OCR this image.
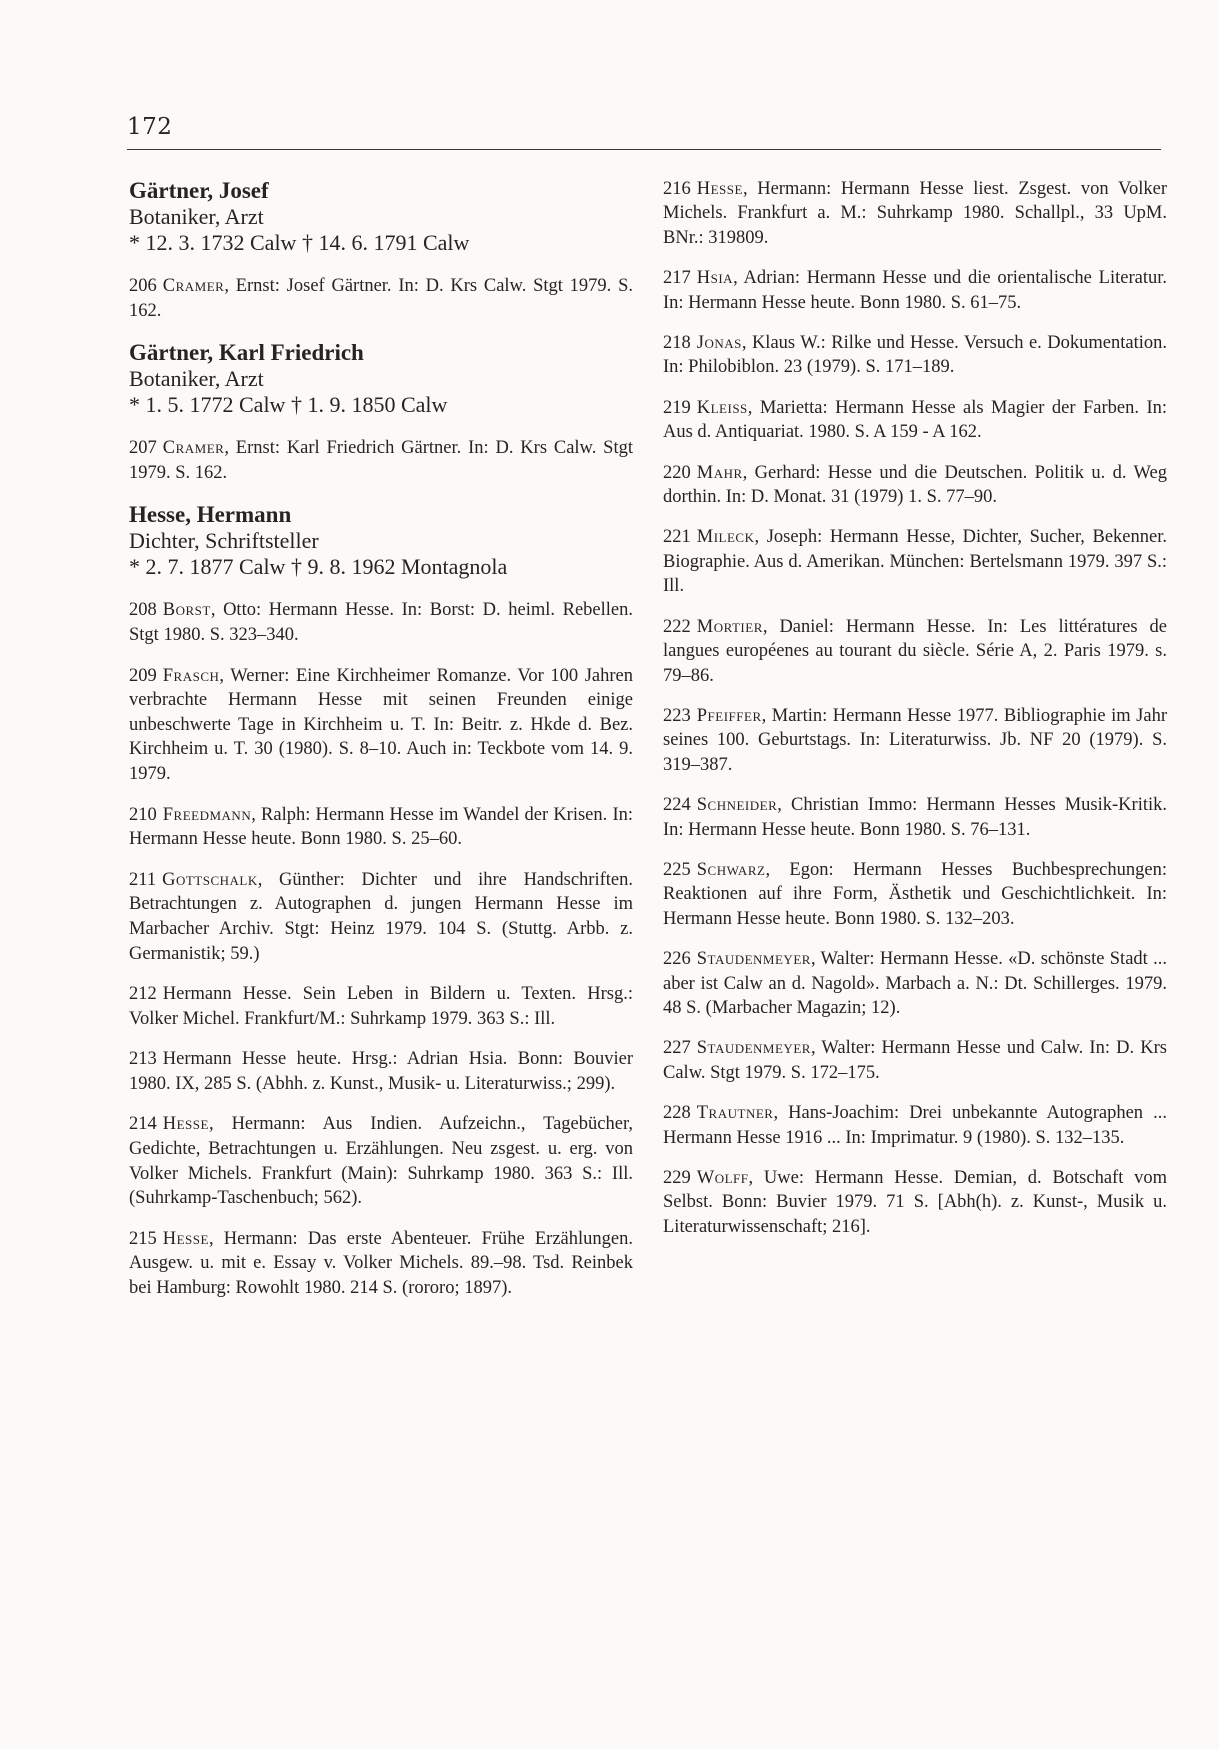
172
Gärtner, Josef
Botaniker, Arzt
* 12. 3. 1732 Calw † 14. 6. 1791 Calw

206 Cramer, Ernst: Josef Gärtner. In: D. Krs Calw. Stgt 1979. S. 162.

Gärtner, Karl Friedrich
Botaniker, Arzt
* 1. 5. 1772 Calw † 1. 9. 1850 Calw

207 Cramer, Ernst: Karl Friedrich Gärtner. In: D. Krs Calw. Stgt 1979. S. 162.

Hesse, Hermann
Dichter, Schriftsteller
* 2. 7. 1877 Calw † 9. 8. 1962 Montagnola

208 Borst, Otto: Hermann Hesse. In: Borst: D. heiml. Rebellen. Stgt 1980. S. 323–340.

209 Frasch, Werner: Eine Kirchheimer Romanze. Vor 100 Jahren verbrachte Hermann Hesse mit seinen Freunden einige unbeschwerte Tage in Kirchheim u. T. In: Beitr. z. Hkde d. Bez. Kirchheim u. T. 30 (1980). S. 8–10. Auch in: Teckbote vom 14. 9. 1979.

210 Freedmann, Ralph: Hermann Hesse im Wandel der Krisen. In: Hermann Hesse heute. Bonn 1980. S. 25–60.

211 Gottschalk, Günther: Dichter und ihre Handschriften. Betrachtungen z. Autographen d. jungen Hermann Hesse im Marbacher Archiv. Stgt: Heinz 1979. 104 S. (Stuttg. Arbb. z. Germanistik; 59.)

212 Hermann Hesse. Sein Leben in Bildern u. Texten. Hrsg.: Volker Michel. Frankfurt/M.: Suhrkamp 1979. 363 S.: Ill.

213 Hermann Hesse heute. Hrsg.: Adrian Hsia. Bonn: Bouvier 1980. IX, 285 S. (Abhh. z. Kunst., Musik- u. Literaturwiss.; 299).

214 Hesse, Hermann: Aus Indien. Aufzeichn., Tagebücher, Gedichte, Betrachtungen u. Erzählungen. Neu zsgest. u. erg. von Volker Michels. Frankfurt (Main): Suhrkamp 1980. 363 S.: Ill. (Suhrkamp-Taschenbuch; 562).

215 Hesse, Hermann: Das erste Abenteuer. Frühe Erzählungen. Ausgew. u. mit e. Essay v. Volker Michels. 89.–98. Tsd. Reinbek bei Hamburg: Rowohlt 1980. 214 S. (rororo; 1897).

216 Hesse, Hermann: Hermann Hesse liest. Zsgest. von Volker Michels. Frankfurt a. M.: Suhrkamp 1980. Schallpl., 33 UpM. BNr.: 319809.

217 Hsia, Adrian: Hermann Hesse und die orientalische Literatur. In: Hermann Hesse heute. Bonn 1980. S. 61–75.

218 Jonas, Klaus W.: Rilke und Hesse. Versuch e. Dokumentation. In: Philobiblon. 23 (1979). S. 171–189.

219 Kleiss, Marietta: Hermann Hesse als Magier der Farben. In: Aus d. Antiquariat. 1980. S. A 159 - A 162.

220 Mahr, Gerhard: Hesse und die Deutschen. Politik u. d. Weg dorthin. In: D. Monat. 31 (1979) 1. S. 77–90.

221 Mileck, Joseph: Hermann Hesse, Dichter, Sucher, Bekenner. Biographie. Aus d. Amerikan. München: Bertelsmann 1979. 397 S.: Ill.

222 Mortier, Daniel: Hermann Hesse. In: Les littératures de langues européenes au tourant du siècle. Série A, 2. Paris 1979. s. 79–86.

223 Pfeiffer, Martin: Hermann Hesse 1977. Bibliographie im Jahr seines 100. Geburtstags. In: Literaturwiss. Jb. NF 20 (1979). S. 319–387.

224 Schneider, Christian Immo: Hermann Hesses Musik-Kritik. In: Hermann Hesse heute. Bonn 1980. S. 76–131.

225 Schwarz, Egon: Hermann Hesses Buchbesprechungen: Reaktionen auf ihre Form, Ästhetik und Geschichtlichkeit. In: Hermann Hesse heute. Bonn 1980. S. 132–203.

226 Staudenmeyer, Walter: Hermann Hesse. «D. schönste Stadt ... aber ist Calw an d. Nagold». Marbach a. N.: Dt. Schillerges. 1979. 48 S. (Marbacher Magazin; 12).

227 Staudenmeyer, Walter: Hermann Hesse und Calw. In: D. Krs Calw. Stgt 1979. S. 172–175.

228 Trautner, Hans-Joachim: Drei unbekannte Autographen ... Hermann Hesse 1916 ... In: Imprimatur. 9 (1980). S. 132–135.

229 Wolff, Uwe: Hermann Hesse. Demian, d. Botschaft vom Selbst. Bonn: Buvier 1979. 71 S. [Abh(h). z. Kunst-, Musik u. Literaturwissenschaft; 216].
